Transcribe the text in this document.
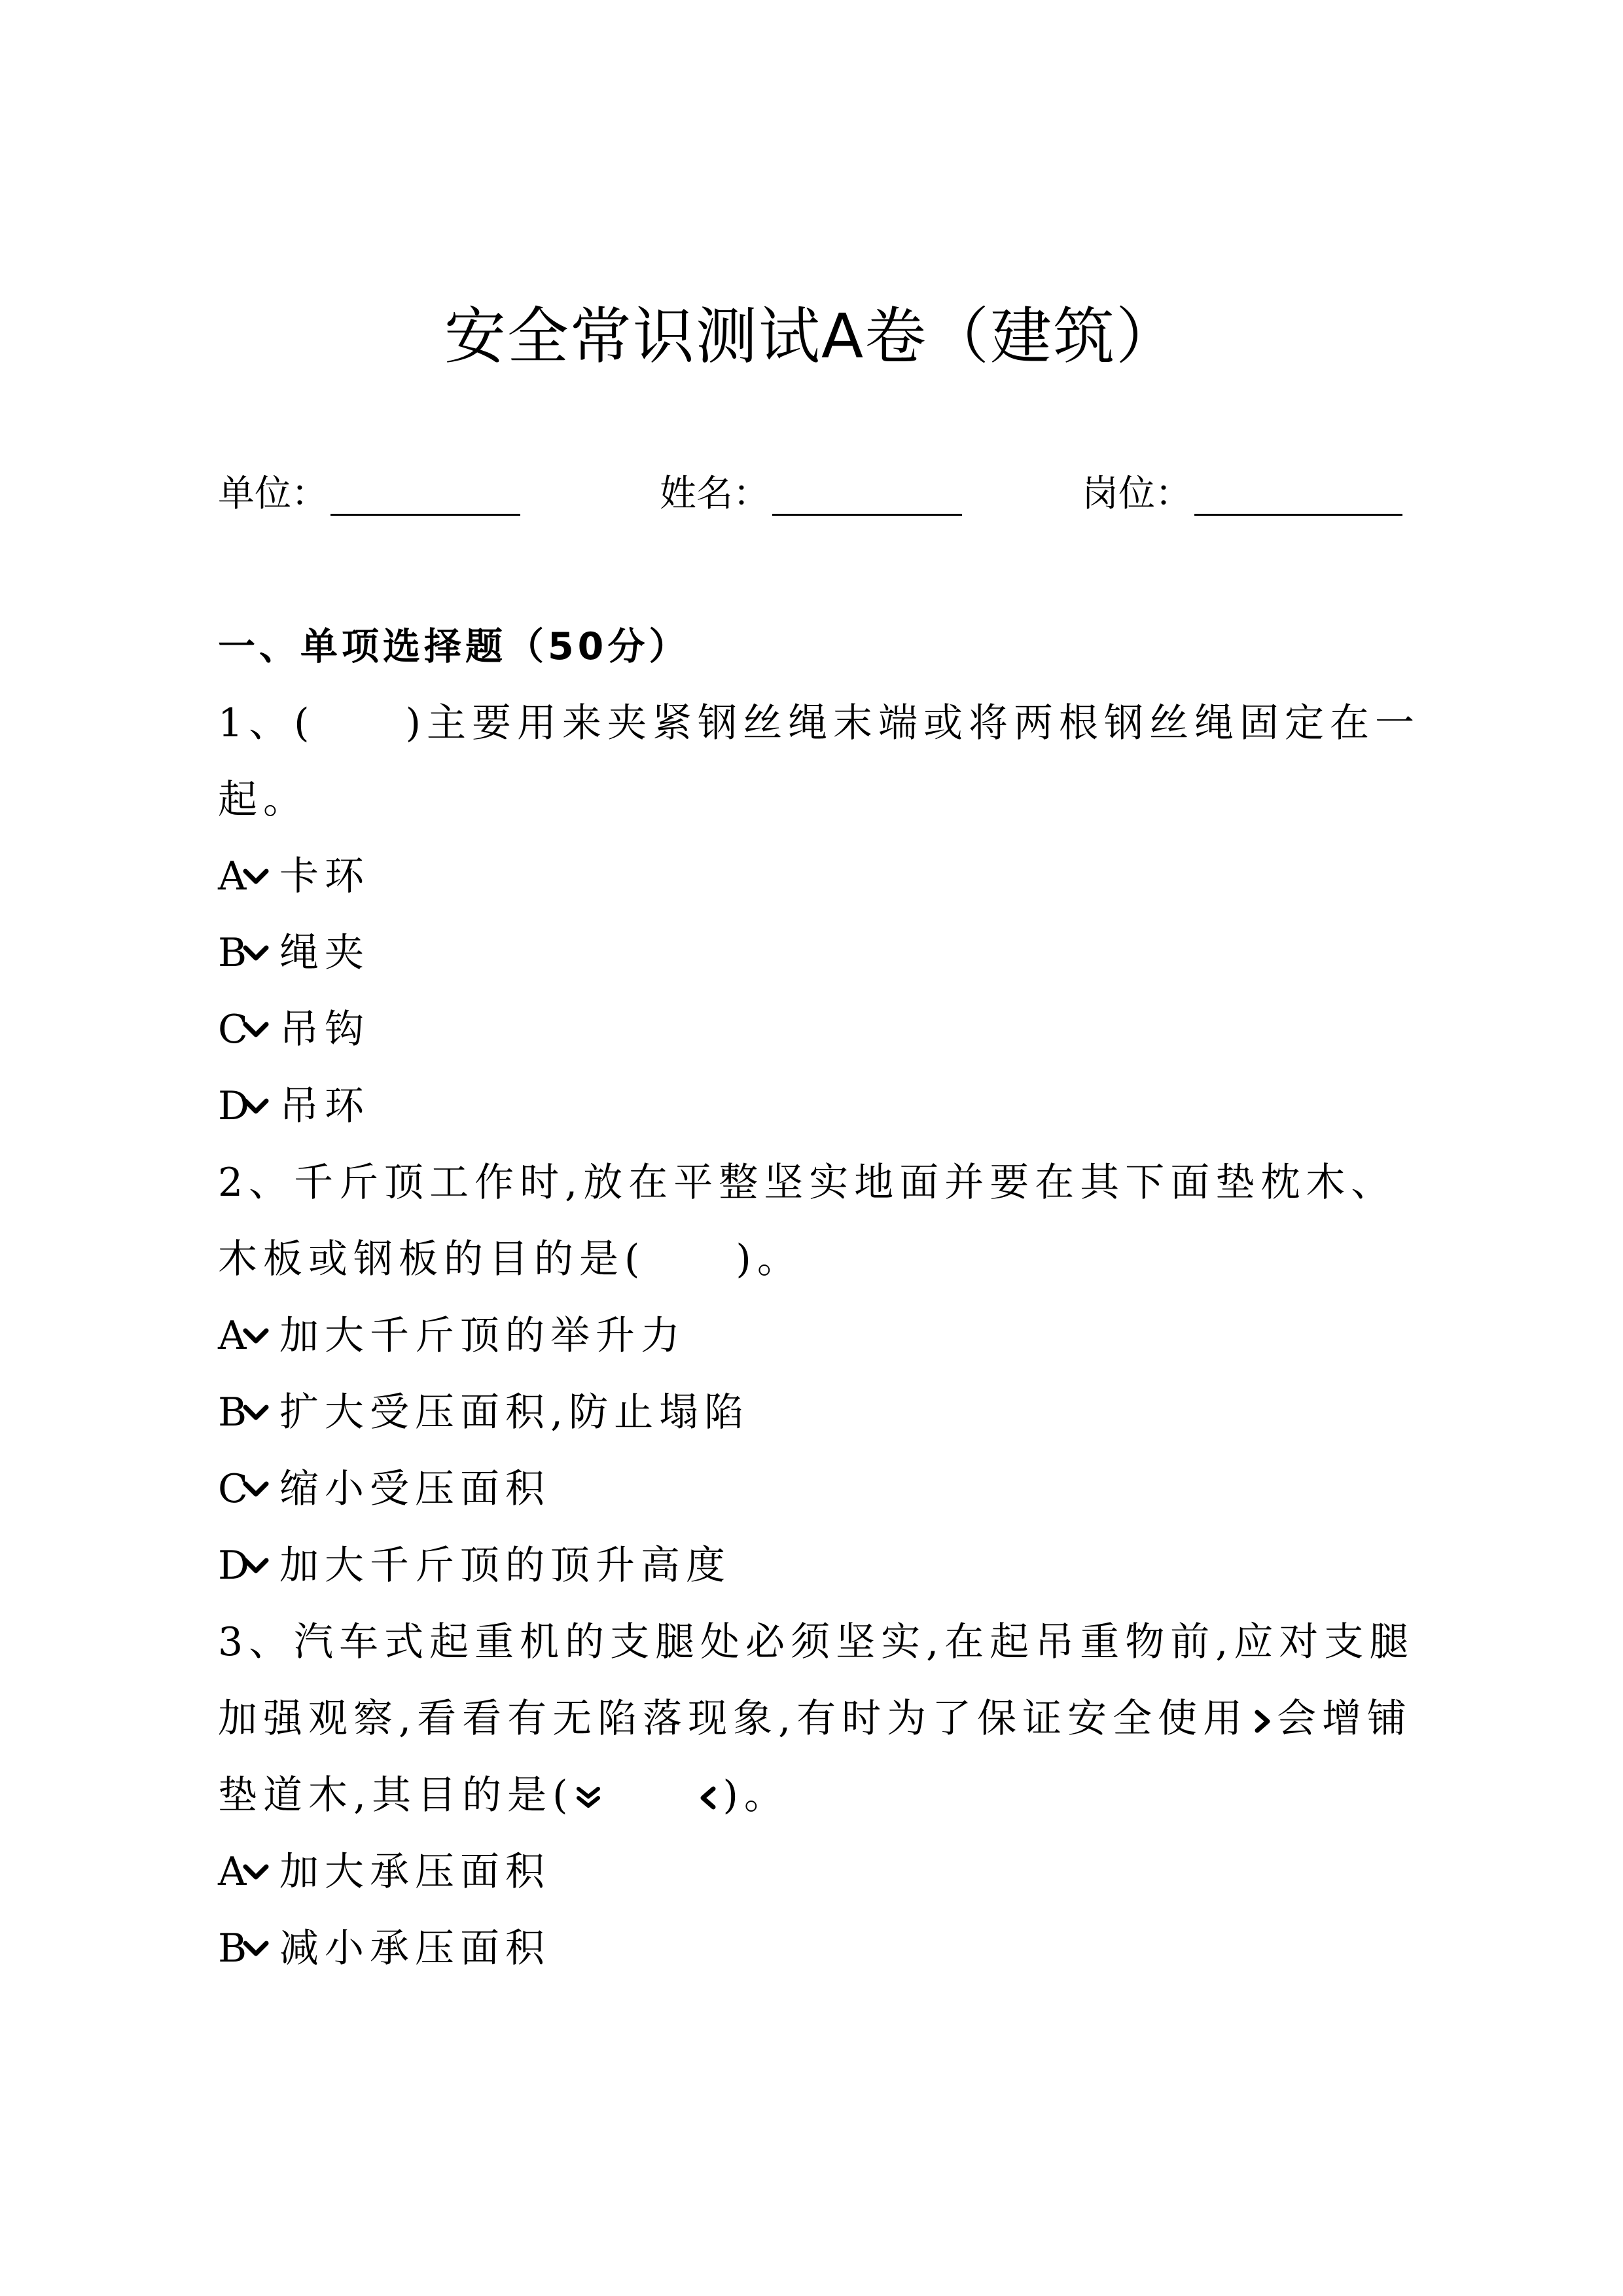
安全常识测试A卷（建筑）
单位：	姓名：	岗位：
一、单项选择题（50分）

1、(　　)主要用来夹紧钢丝绳末端或将两根钢丝绳固定在一起。

A 卡环
B 绳夹
C 吊钩
D 吊环

2、千斤顶工作时,放在平整坚实地面并要在其下面垫枕木、木板或钢板的目的是(　　)。

A 加大千斤顶的举升力
B 扩大受压面积,防止塌陷
C 缩小受压面积
D 加大千斤顶的顶升高度

3、汽车式起重机的支腿处必须坚实,在起吊重物前,应对支腿加强观察,看看有无陷落现象,有时为了保证安全使用 会增铺垫道木,其目的是(
　　	)。

A 加大承压面积
B 减小承压面积
